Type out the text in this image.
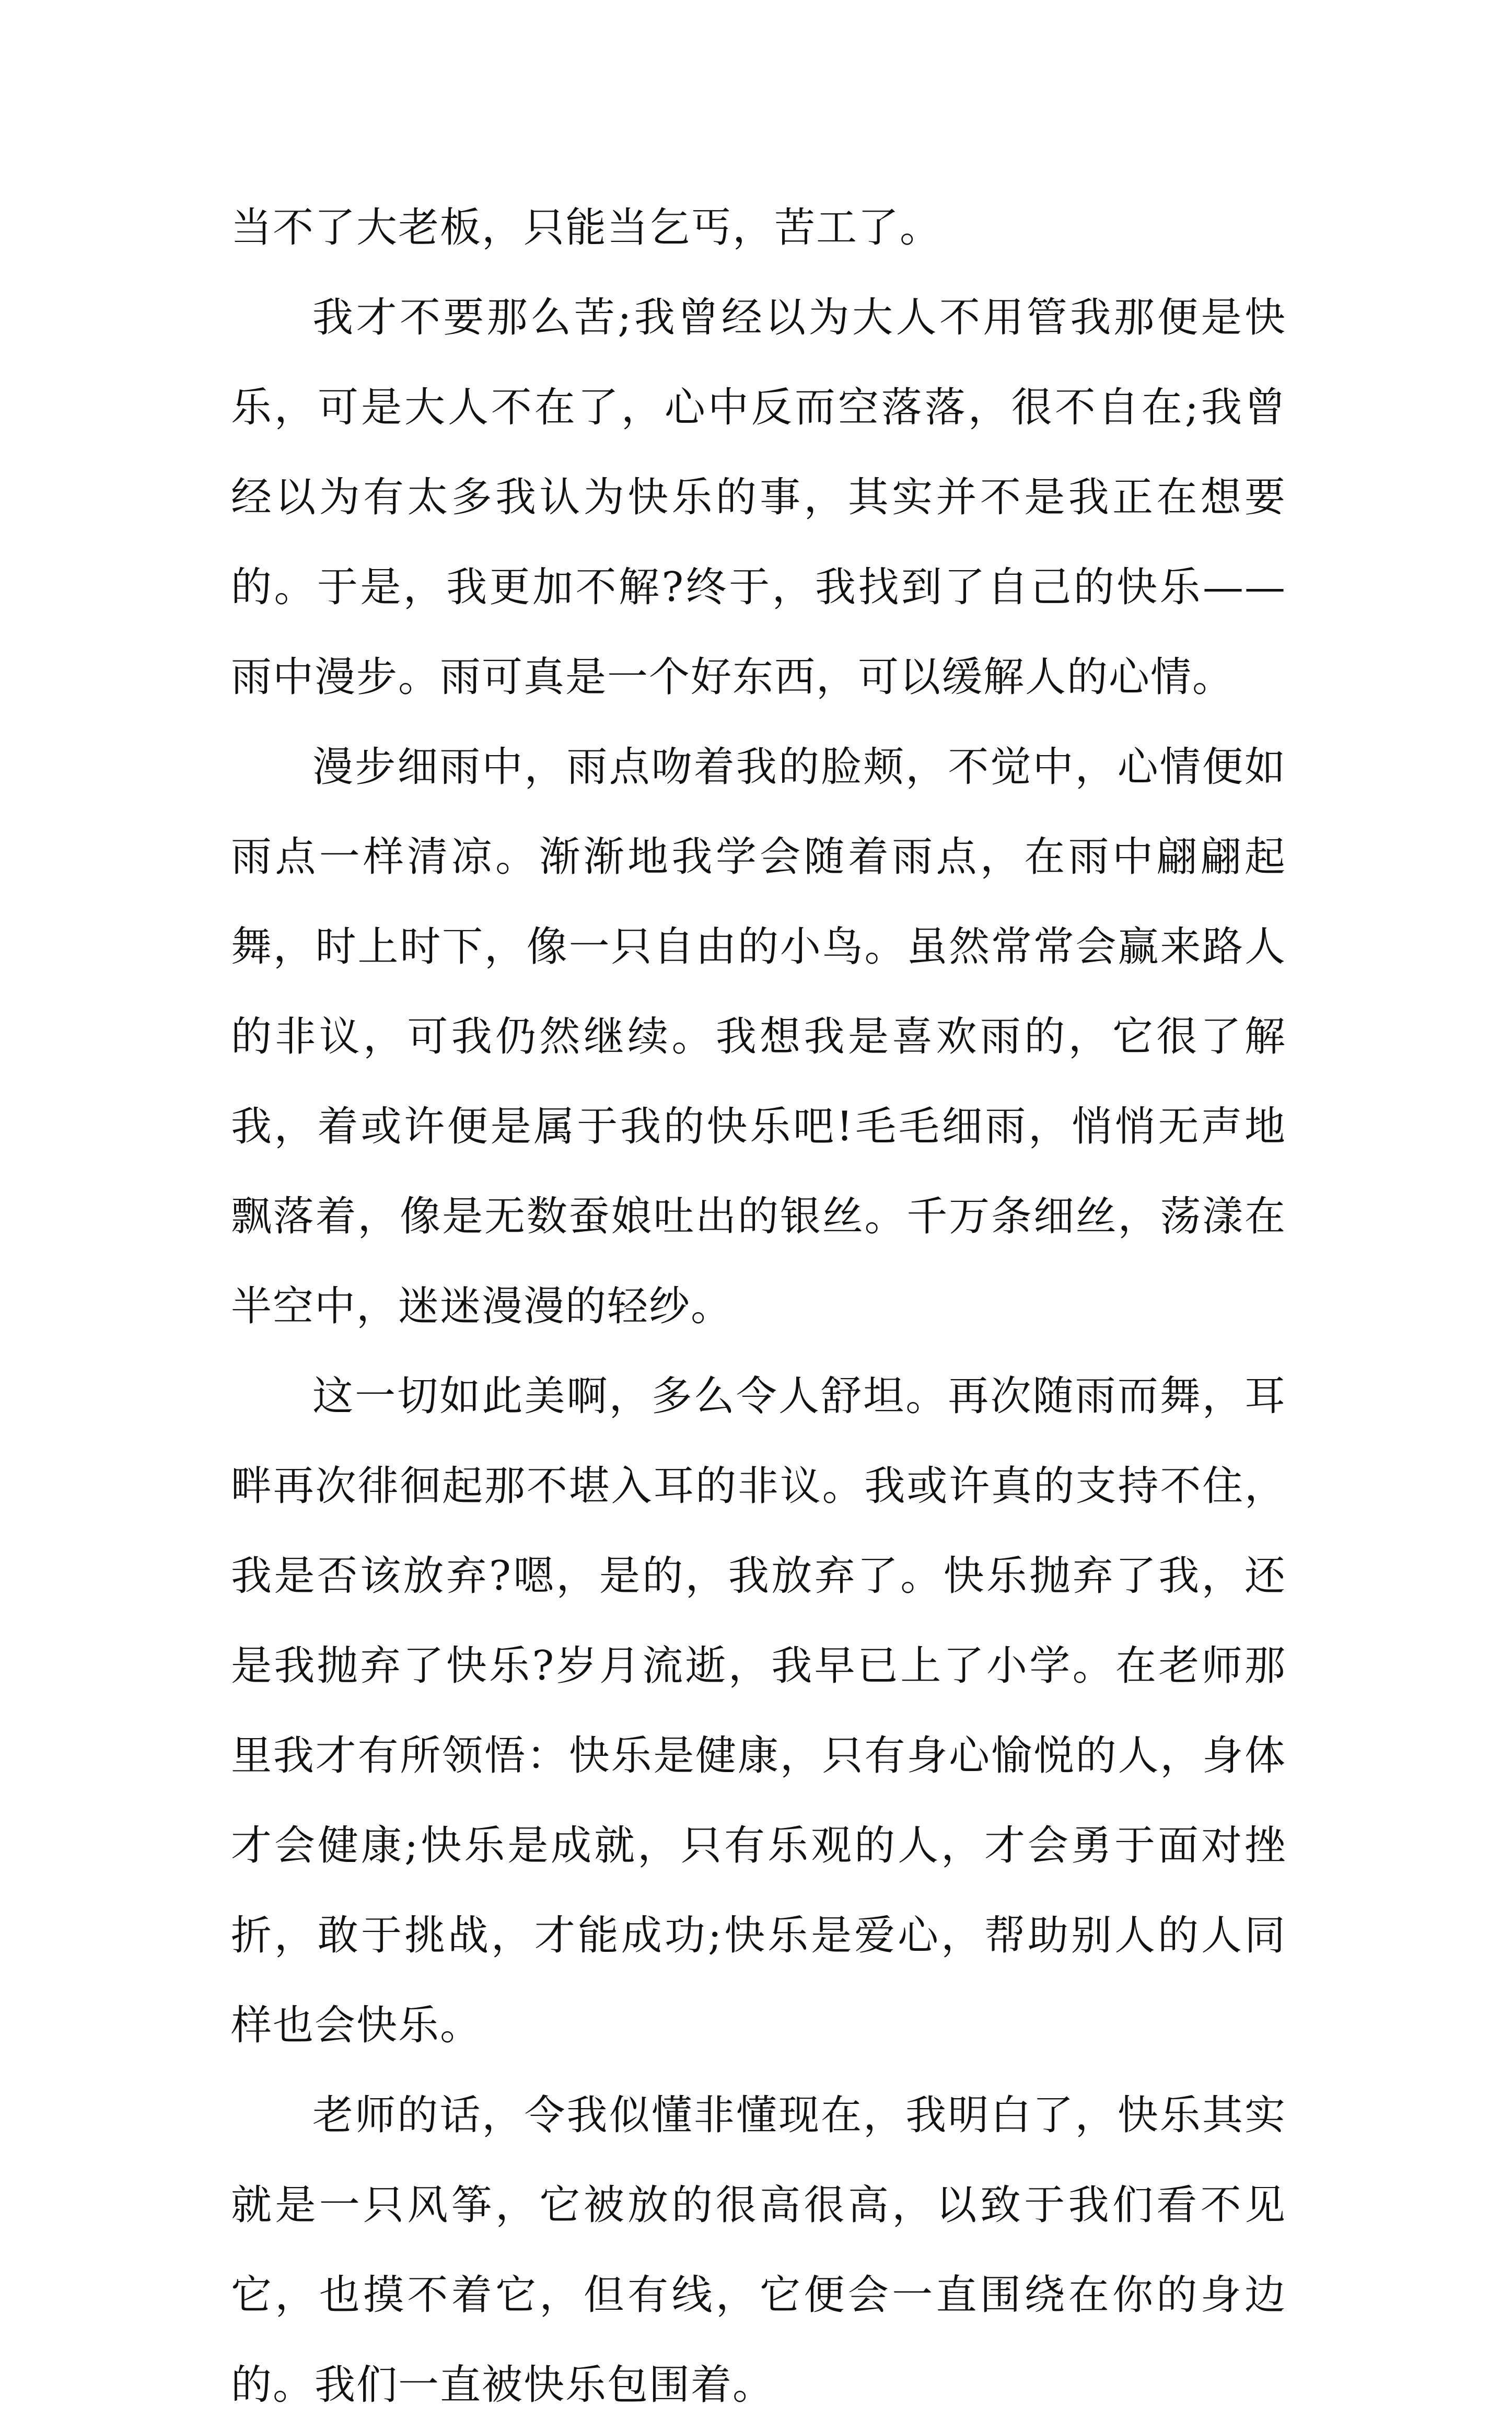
当不了大老板，只能当乞丐，苦工了。

我才不要那么苦;我曾经以为大人不用管我那便是快乐，可是大人不在了，心中反而空落落，很不自在;我曾经以为有太多我认为快乐的事，其实并不是我正在想要的。于是，我更加不解?终于，我找到了自己的快乐——雨中漫步。雨可真是一个好东西，可以缓解人的心情。

漫步细雨中，雨点吻着我的脸颊，不觉中，心情便如雨点一样清凉。渐渐地我学会随着雨点，在雨中翩翩起舞，时上时下，像一只自由的小鸟。虽然常常会赢来路人的非议，可我仍然继续。我想我是喜欢雨的，它很了解我，着或许便是属于我的快乐吧!毛毛细雨，悄悄无声地飘落着，像是无数蚕娘吐出的银丝。千万条细丝，荡漾在半空中，迷迷漫漫的轻纱。

这一切如此美啊，多么令人舒坦。再次随雨而舞，耳畔再次徘徊起那不堪入耳的非议。我或许真的支持不住，我是否该放弃?嗯，是的，我放弃了。快乐抛弃了我，还是我抛弃了快乐?岁月流逝，我早已上了小学。在老师那里我才有所领悟：快乐是健康，只有身心愉悦的人，身体才会健康;快乐是成就，只有乐观的人，才会勇于面对挫折，敢于挑战，才能成功;快乐是爱心，帮助别人的人同样也会快乐。

老师的话，令我似懂非懂现在，我明白了，快乐其实就是一只风筝，它被放的很高很高，以致于我们看不见它，也摸不着它，但有线，它便会一直围绕在你的身边的。我们一直被快乐包围着。
